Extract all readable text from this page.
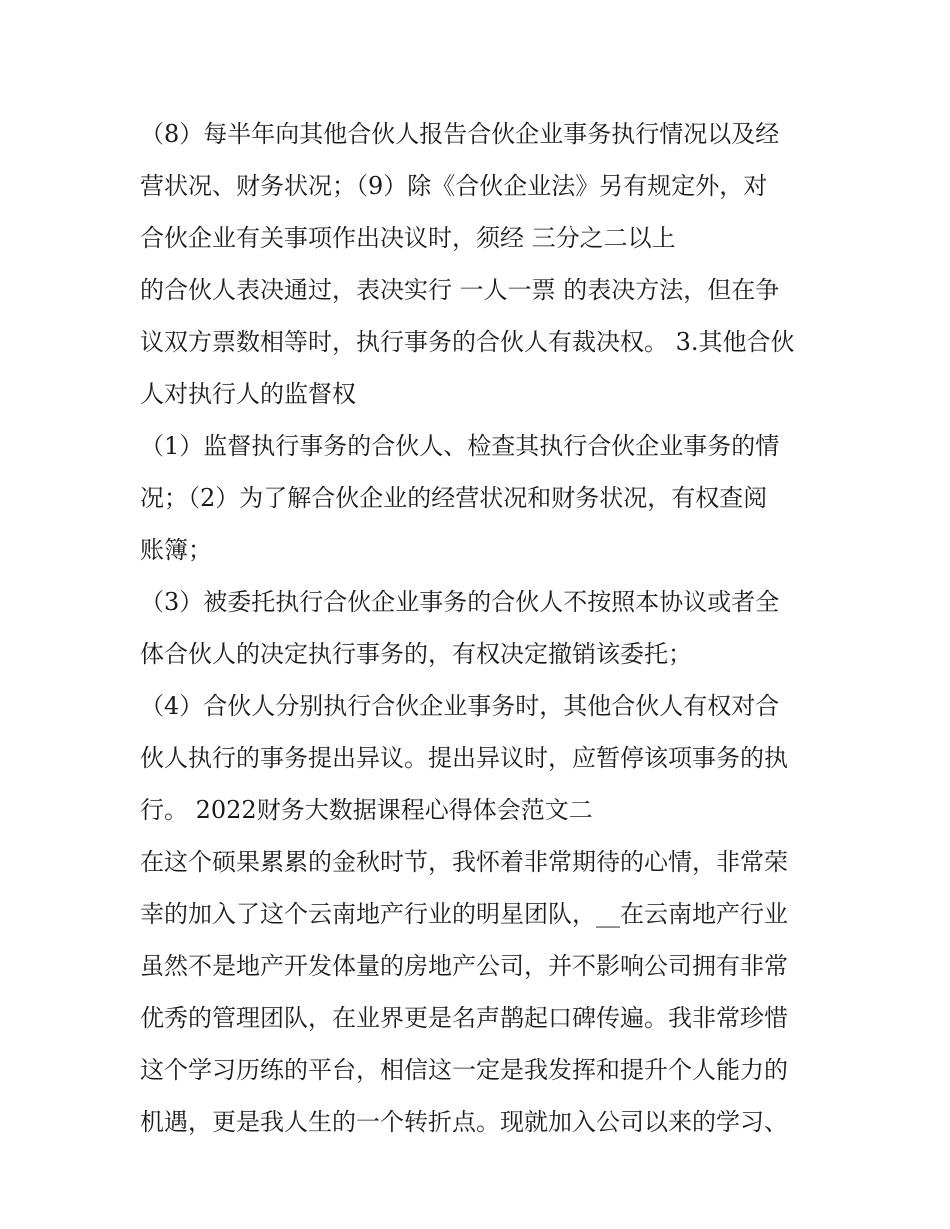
（8）每半年向其他合伙人报告合伙企业事务执行情况以及经
营状况、财务状况；（9）除《合伙企业法》另有规定外，对
合伙企业有关事项作出决议时，须经 三分之二以上
的合伙人表决通过，表决实行 一人一票 的表决方法，但在争
议双方票数相等时，执行事务的合伙人有裁决权。 3.其他合伙
人对执行人的监督权
（1）监督执行事务的合伙人、检查其执行合伙企业事务的情
况；（2）为了解合伙企业的经营状况和财务状况，有权查阅
账簿；
（3）被委托执行合伙企业事务的合伙人不按照本协议或者全
体合伙人的决定执行事务的，有权决定撤销该委托；
（4）合伙人分别执行合伙企业事务时，其他合伙人有权对合
伙人执行的事务提出异议。提出异议时，应暂停该项事务的执
行。 2022财务大数据课程心得体会范文二
在这个硕果累累的金秋时节，我怀着非常期待的心情，非常荣
幸的加入了这个云南地产行业的明星团队，__在云南地产行业
虽然不是地产开发体量的房地产公司，并不影响公司拥有非常
优秀的管理团队，在业界更是名声鹊起口碑传遍。我非常珍惜
这个学习历练的平台，相信这一定是我发挥和提升个人能力的
机遇，更是我人生的一个转折点。现就加入公司以来的学习、
